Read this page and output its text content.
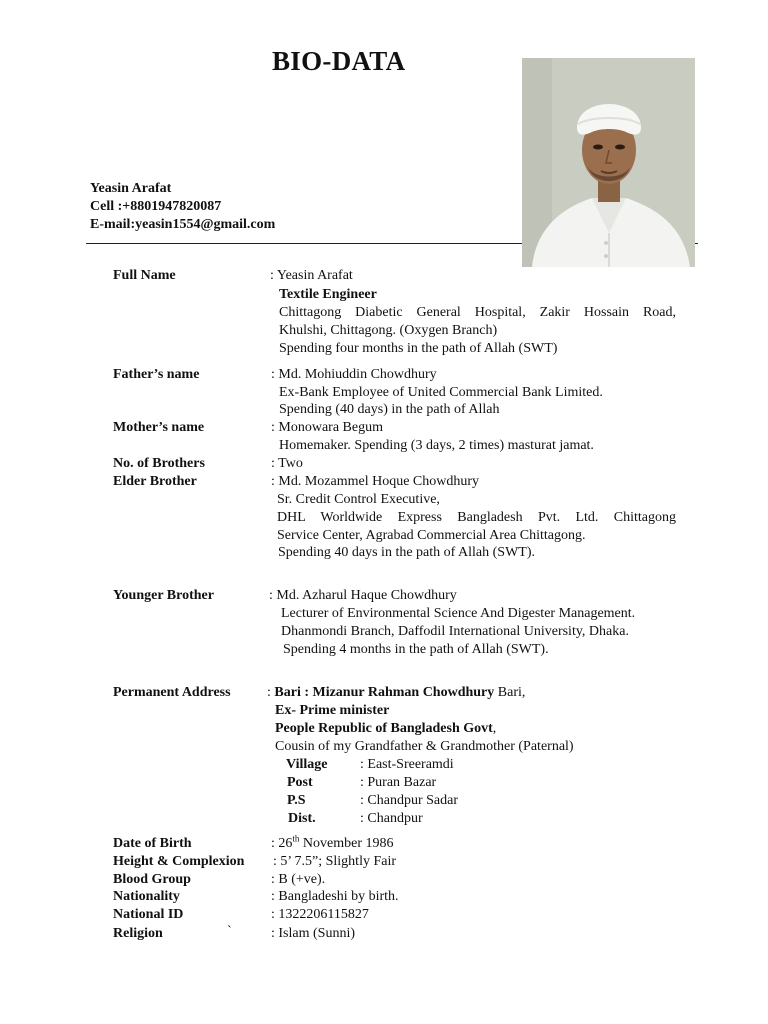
BIO-DATA
Yeasin Arafat
Cell :+8801947820087
E-mail:yeasin1554@gmail.com
Full Name	: Yeasin Arafat
Textile Engineer
Chittagong Diabetic General Hospital, Zakir Hossain Road,
Khulshi, Chittagong. (Oxygen Branch)
Spending four months in the path of Allah (SWT)
Father’s name	: Md. Mohiuddin Chowdhury
Ex-Bank Employee of United Commercial Bank Limited.
Spending (40 days) in the path of Allah
Mother’s name	: Monowara Begum
Homemaker. Spending (3 days, 2 times) masturat jamat.
No. of Brothers	: Two
Elder Brother	: Md. Mozammel Hoque Chowdhury
Sr. Credit Control Executive,
DHL Worldwide Express Bangladesh Pvt. Ltd. Chittagong
Service Center, Agrabad Commercial Area Chittagong.
Spending 40 days in the path of Allah (SWT).
Younger Brother	: Md. Azharul Haque Chowdhury
Lecturer of Environmental Science And Digester Management.
Dhanmondi Branch, Daffodil International University, Dhaka.
Spending 4 months in the path of Allah (SWT).
Permanent Address	: Bari : Mizanur Rahman Chowdhury Bari,
Ex- Prime minister
People Republic of Bangladesh Govt,
Cousin of my Grandfather & Grandmother (Paternal)
Village : East-Sreeramdi
Post	: Puran Bazar
P.S	: Chandpur Sadar
Dist.	: Chandpur
Date of Birth	: 26th November 1986
Height & Complexion : 5’ 7.5”; Slightly Fair
Blood Group	: B (+ve).
Nationality	: Bangladeshi by birth.
National ID	: 1322206115827
Religion	`	: Islam (Sunni)
